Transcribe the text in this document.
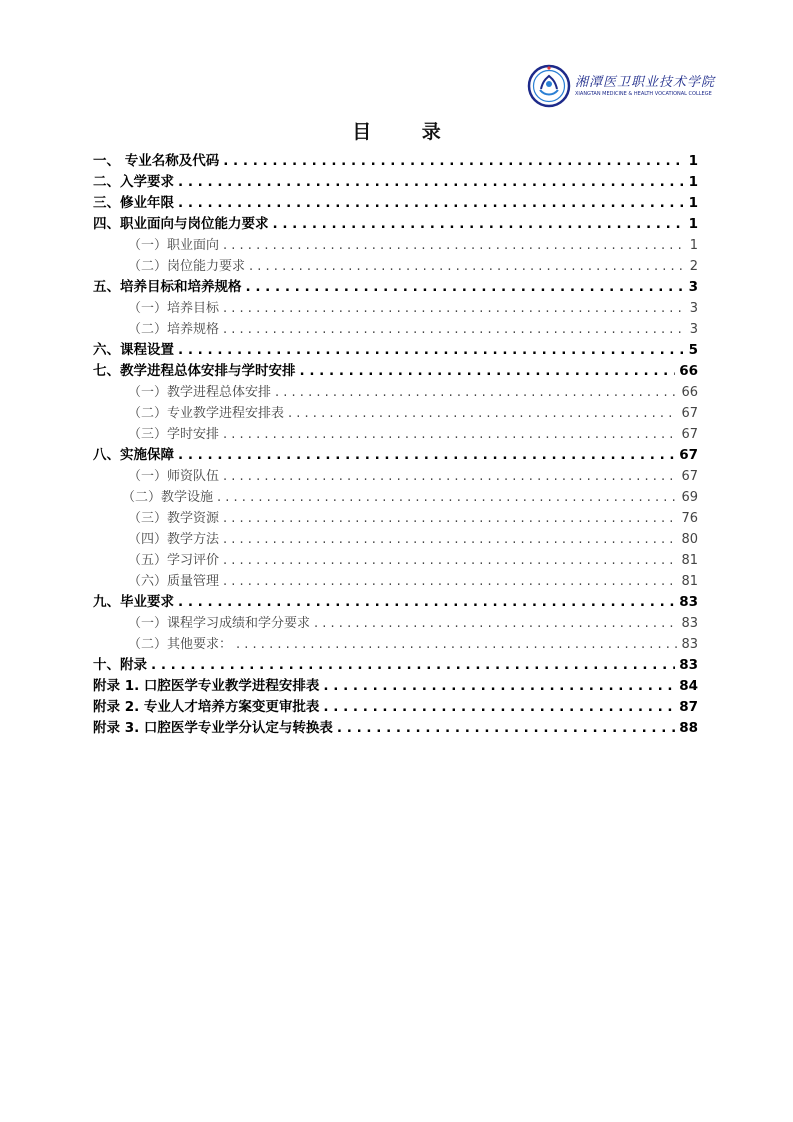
湘潭医卫职业技术学院
XIANGTAN MEDICINE & HEALTH VOCATIONAL COLLEGE
目 录
一、 专业名称及代码 . . .	1
二、入学要求 . . .	1
三、修业年限 . . .	1
四、职业面向与岗位能力要求 . . .	1
（一）职业面向 . . .	1
（二）岗位能力要求 . . .	2
五、培养目标和培养规格 . . .	3
（一）培养目标 . . .	3
（二）培养规格 . . .	3
六、课程设置 . . .	5
七、教学进程总体安排与学时安排 . . .	66
（一）教学进程总体安排 . . .	66
（二）专业教学进程安排表 . . .	67
（三）学时安排 . . .	67
八、实施保障 . . .	67
（一）师资队伍 . . .	67
（二）教学设施 . . .	69
（三）教学资源 . . .	76
（四）教学方法 . . .	80
（五）学习评价 . . .	81
（六）质量管理 . . .	81
九、毕业要求 . . .	83
（一）课程学习成绩和学分要求 . . .	83
（二）其他要求： . . .	83
十、附录 . . .	83
附录 1. 口腔医学专业教学进程安排表 . . .	84
附录 2. 专业人才培养方案变更审批表 . . .	87
附录 3. 口腔医学专业学分认定与转换表 . . .	88
